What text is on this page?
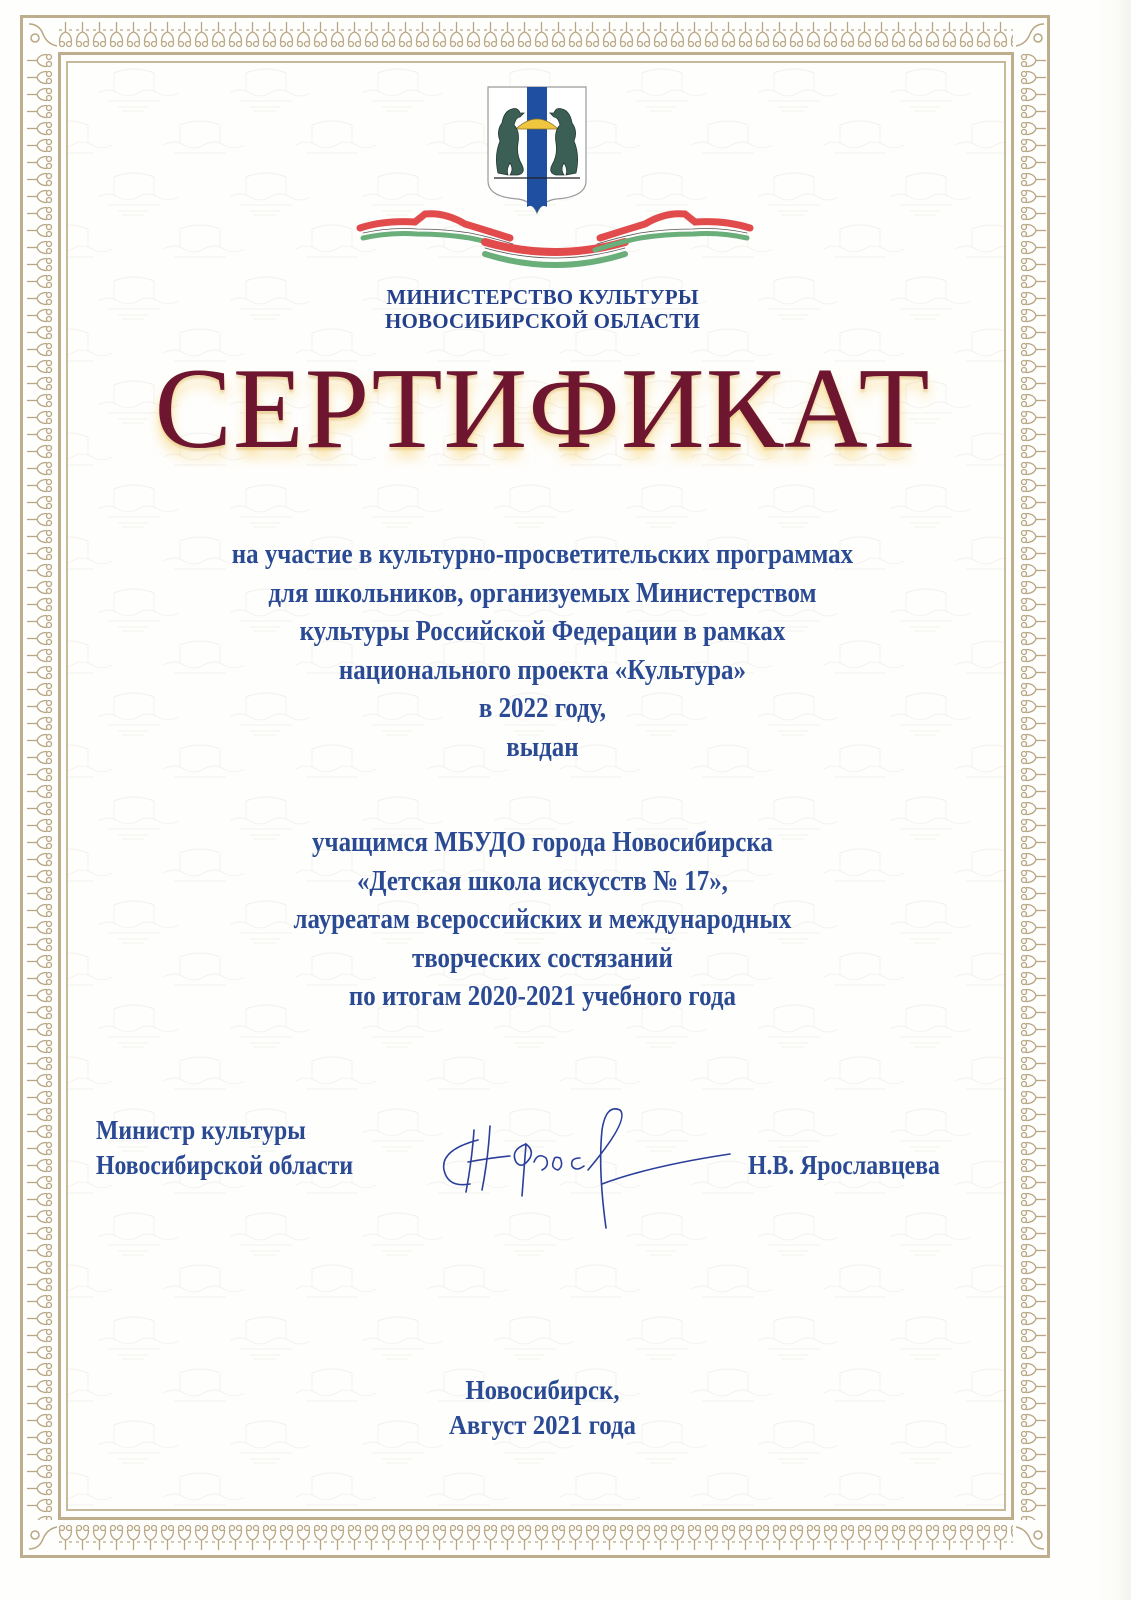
МИНИСТЕРСТВО КУЛЬТУРЫ
НОВОСИБИРСКОЙ ОБЛАСТИ
СЕРТИФИКАТ
на участие в культурно-просветительских программах
для школьников, организуемых Министерством
культуры Российской Федерации в рамках
национального проекта «Культура»
в 2022 году,
выдан
учащимся МБУДО города Новосибирска
«Детская школа искусств № 17»,
лауреатам всероссийских и международных
творческих состязаний
по итогам 2020-2021 учебного года
Министр культуры
Новосибирской области	Н.В. Ярославцева
Новосибирск,
Август 2021 года
